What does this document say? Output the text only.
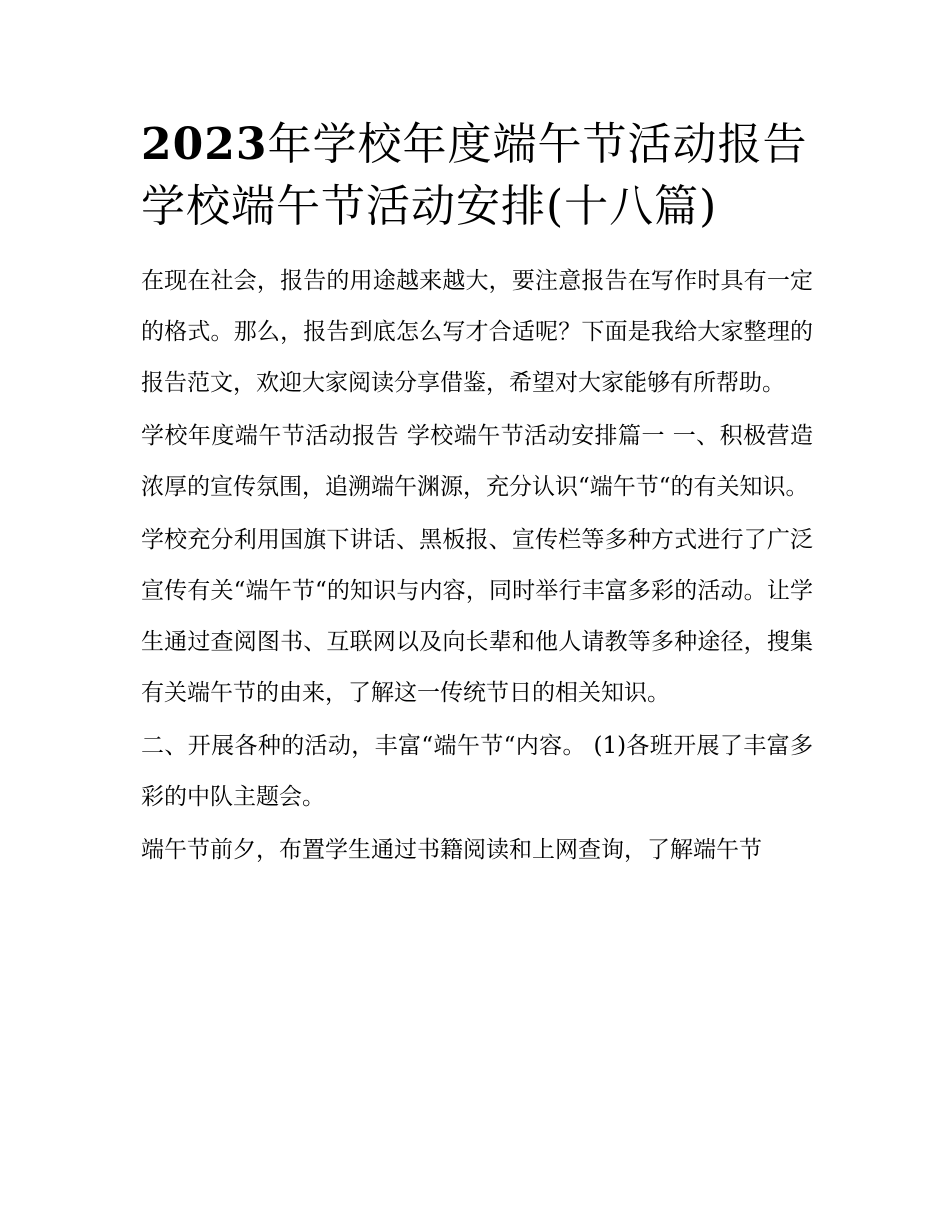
2023年学校年度端午节活动报告 学校端午节活动安排(十八篇)

在现在社会，报告的用途越来越大，要注意报告在写作时具有一定的格式。那么，报告到底怎么写才合适呢？下面是我给大家整理的报告范文，欢迎大家阅读分享借鉴，希望对大家能够有所帮助。

学校年度端午节活动报告 学校端午节活动安排篇一 一、积极营造浓厚的宣传氛围，追溯端午渊源，充分认识“端午节“的有关知识。

学校充分利用国旗下讲话、黑板报、宣传栏等多种方式进行了广泛宣传有关“端午节“的知识与内容，同时举行丰富多彩的活动。让学生通过查阅图书、互联网以及向长辈和他人请教等多种途径，搜集有关端午节的由来，了解这一传统节日的相关知识。

二、开展各种的活动，丰富“端午节“内容。 (1)各班开展了丰富多彩的中队主题会。

端午节前夕，布置学生通过书籍阅读和上网查询，了解端午节
